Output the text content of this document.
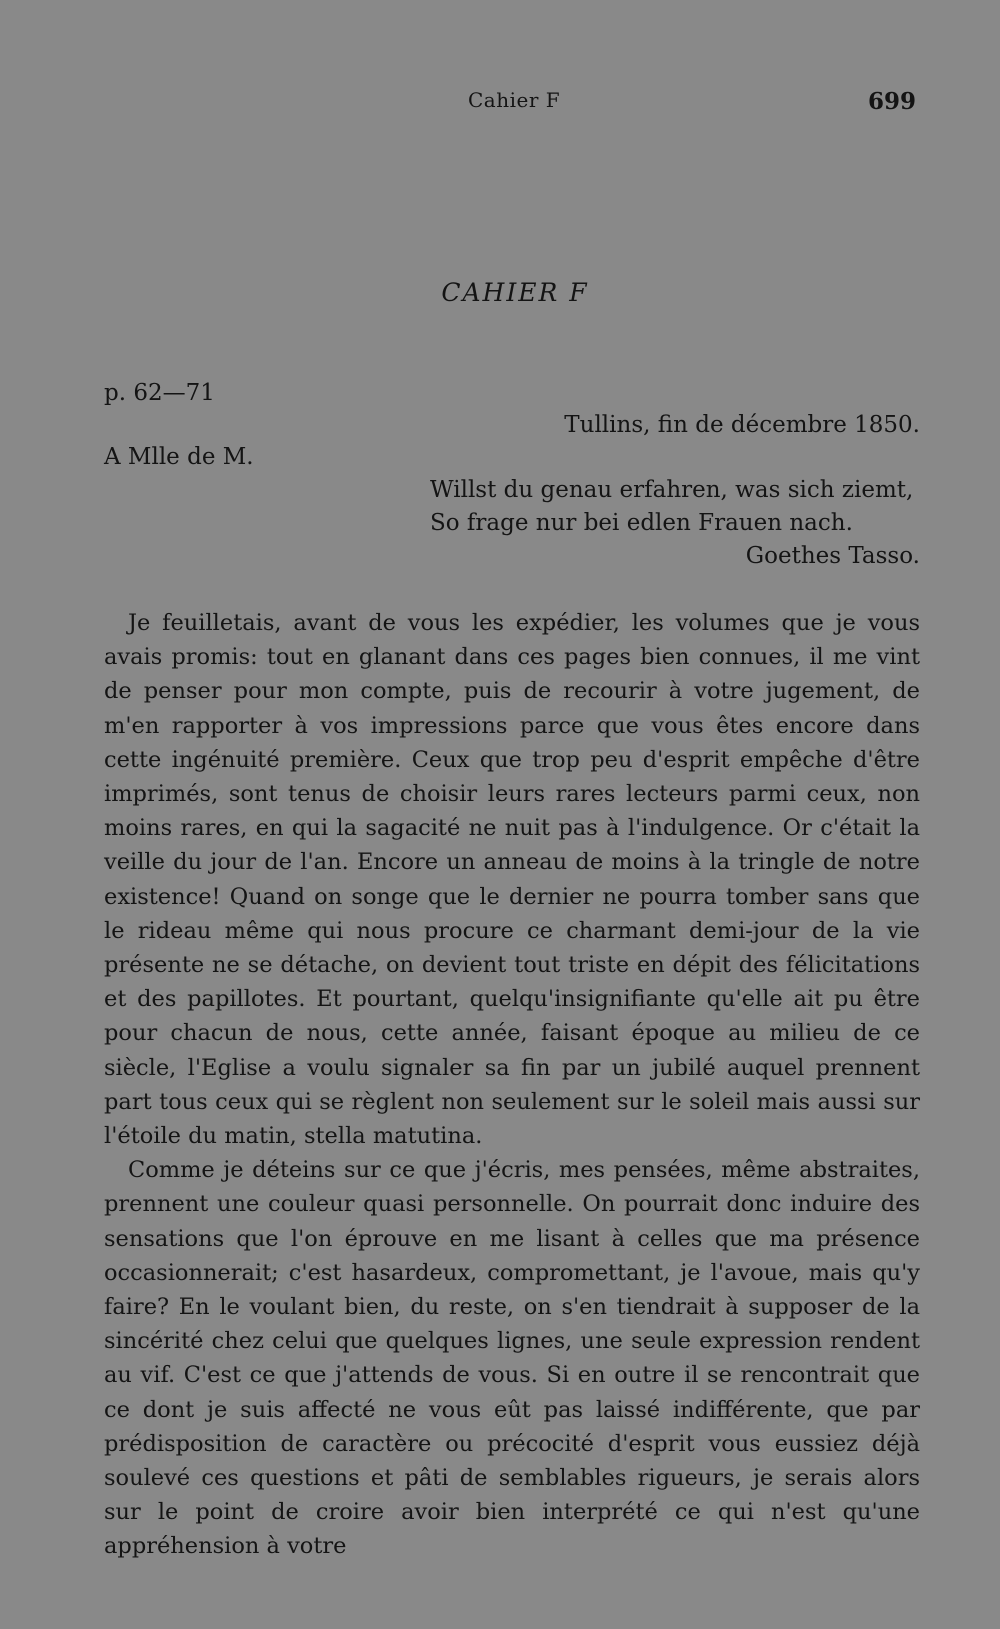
Cahier F	699
CAHIER F
p. 62—71
Tullins, fin de décembre 1850.
A Mlle de M.
Willst du genau erfahren, was sich ziemt,
So frage nur bei edlen Frauen nach.
Goethes Tasso.

Je feuilletais, avant de vous les expédier, les volumes que je vous avais promis: tout en glanant dans ces pages bien connues, il me vint de penser pour mon compte, puis de recourir à votre jugement, de m'en rapporter à vos impressions parce que vous êtes encore dans cette ingénuité première. Ceux que trop peu d'esprit empêche d'être imprimés, sont tenus de choisir leurs rares lecteurs parmi ceux, non moins rares, en qui la sagacité ne nuit pas à l'indulgence. Or c'était la veille du jour de l'an. Encore un anneau de moins à la tringle de notre existence! Quand on songe que le dernier ne pourra tomber sans que le rideau même qui nous procure ce charmant demi-jour de la vie présente ne se détache, on devient tout triste en dépit des félicitations et des papillotes. Et pourtant, quelqu'insignifiante qu'elle ait pu être pour chacun de nous, cette année, faisant époque au milieu de ce siècle, l'Eglise a voulu signaler sa fin par un jubilé auquel prennent part tous ceux qui se règlent non seulement sur le soleil mais aussi sur l'étoile du matin, stella matutina.

Comme je déteins sur ce que j'écris, mes pensées, même abstraites, prennent une couleur quasi personnelle. On pourrait donc induire des sensations que l'on éprouve en me lisant à celles que ma présence occasionnerait; c'est hasardeux, compromettant, je l'avoue, mais qu'y faire? En le voulant bien, du reste, on s'en tiendrait à supposer de la sincérité chez celui que quelques lignes, une seule expression rendent au vif. C'est ce que j'attends de vous. Si en outre il se rencontrait que ce dont je suis affecté ne vous eût pas laissé indifférente, que par prédisposition de caractère ou précocité d'esprit vous eussiez déjà soulevé ces questions et pâti de semblables rigueurs, je serais alors sur le point de croire avoir bien interprété ce qui n'est qu'une appréhension à votre
